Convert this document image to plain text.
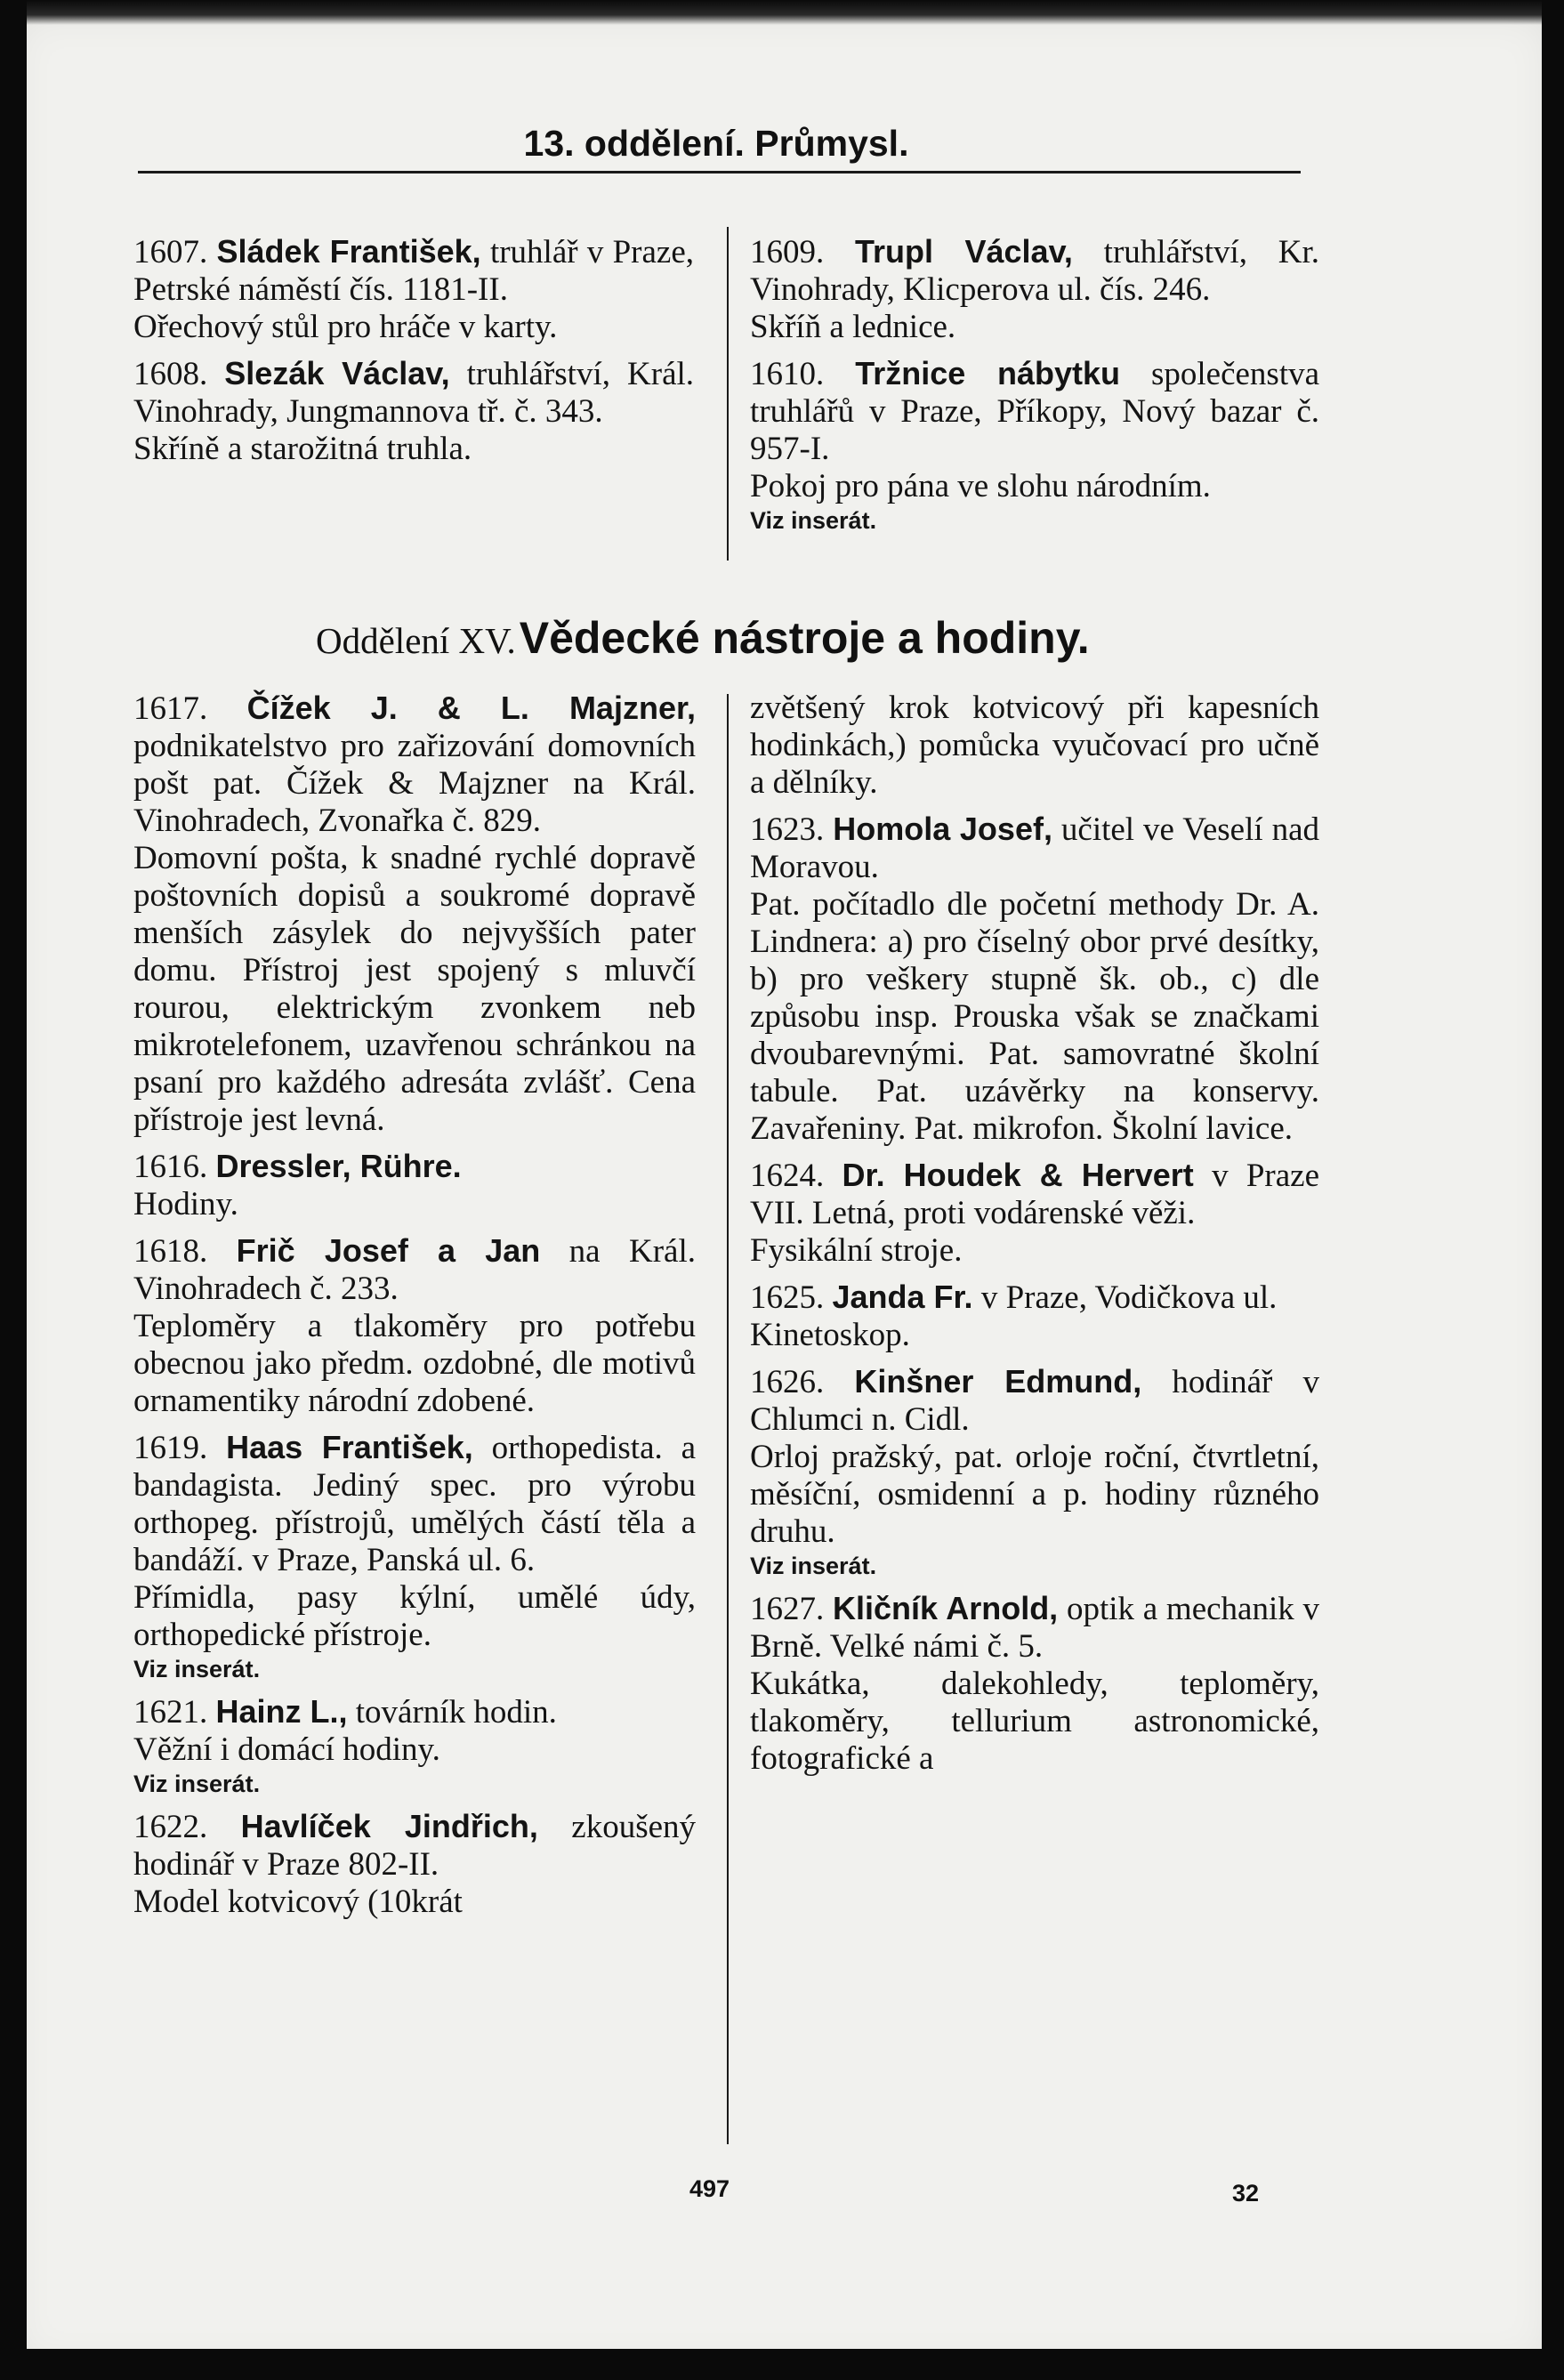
13. oddělení. Průmysl.

1607. Sládek František, truhlář v Praze, Petrské náměstí čís. 1181-II.

Ořechový stůl pro hráče v karty.

1608. Slezák Václav, truhlářství, Král. Vinohrady, Jungmannova tř. č. 343.

Skříně a starožitná truhla.

1609. Trupl Václav, truhlářství, Kr. Vinohrady, Klicperova ul. čís. 246.

Skříň a lednice.

1610. Tržnice nábytku společenstva truhlářů v Praze, Příkopy, Nový bazar č. 957-I.

Pokoj pro pána ve slohu národním.

Viz inserát.

Oddělení XV. Vědecké nástroje a hodiny.

1617. Čížek J. & L. Majzner, podnikatelstvo pro zařizování domovních pošt pat. Čížek & Majzner na Král. Vinohradech, Zvonařka č. 829.

Domovní pošta, k snadné rychlé dopravě poštovních dopisů a soukromé dopravě menších zásylek do nejvyšších pater domu. Přístroj jest spojený s mluvčí rourou, elektrickým zvonkem neb mikrotelefonem, uzavřenou schránkou na psaní pro každého adresáta zvlášť. Cena přístroje jest levná.

1616. Dressler, Rühre.

Hodiny.

1618. Frič Josef a Jan na Král. Vinohradech č. 233.

Teploměry a tlakoměry pro potřebu obecnou jako předm. ozdobné, dle motivů ornamentiky národní zdobené.

1619. Haas František, orthopedista. a bandagista. Jediný spec. pro výrobu orthopeg. přístrojů, umělých částí těla a bandáží. v Praze, Panská ul. 6.

Přímidla, pasy kýlní, umělé údy, orthopedické přístroje.

Viz inserát.

1621. Hainz L., továrník hodin.

Věžní i domácí hodiny.

Viz inserát.

1622. Havlíček Jindřich, zkoušený hodinář v Praze 802-II.

Model kotvicový (10krát

zvětšený krok kotvicový při kapesních hodinkách,) pomůcka vyučovací pro učně a dělníky.

1623. Homola Josef, učitel ve Veselí nad Moravou.

Pat. počítadlo dle početní methody Dr. A. Lindnera: a) pro číselný obor prvé desítky, b) pro veškery stupně šk. ob., c) dle způsobu insp. Prouska však se značkami dvoubarevnými. Pat. samovratné školní tabule. Pat. uzávěrky na konservy. Zavařeniny. Pat. mikrofon. Školní lavice.

1624. Dr. Houdek & Hervert v Praze VII. Letná, proti vodárenské věži.

Fysikální stroje.

1625. Janda Fr. v Praze, Vodičkova ul.

Kinetoskop.

1626. Kinšner Edmund, hodinář v Chlumci n. Cidl.

Orloj pražský, pat. orloje roční, čtvrtletní, měsíční, osmidenní a p. hodiny různého druhu.

Viz inserát.

1627. Kličník Arnold, optik a mechanik v Brně. Velké námi č. 5.

Kukátka, dalekohledy, teploměry, tlakoměry, tellurium astronomické, fotografické a

497	32
